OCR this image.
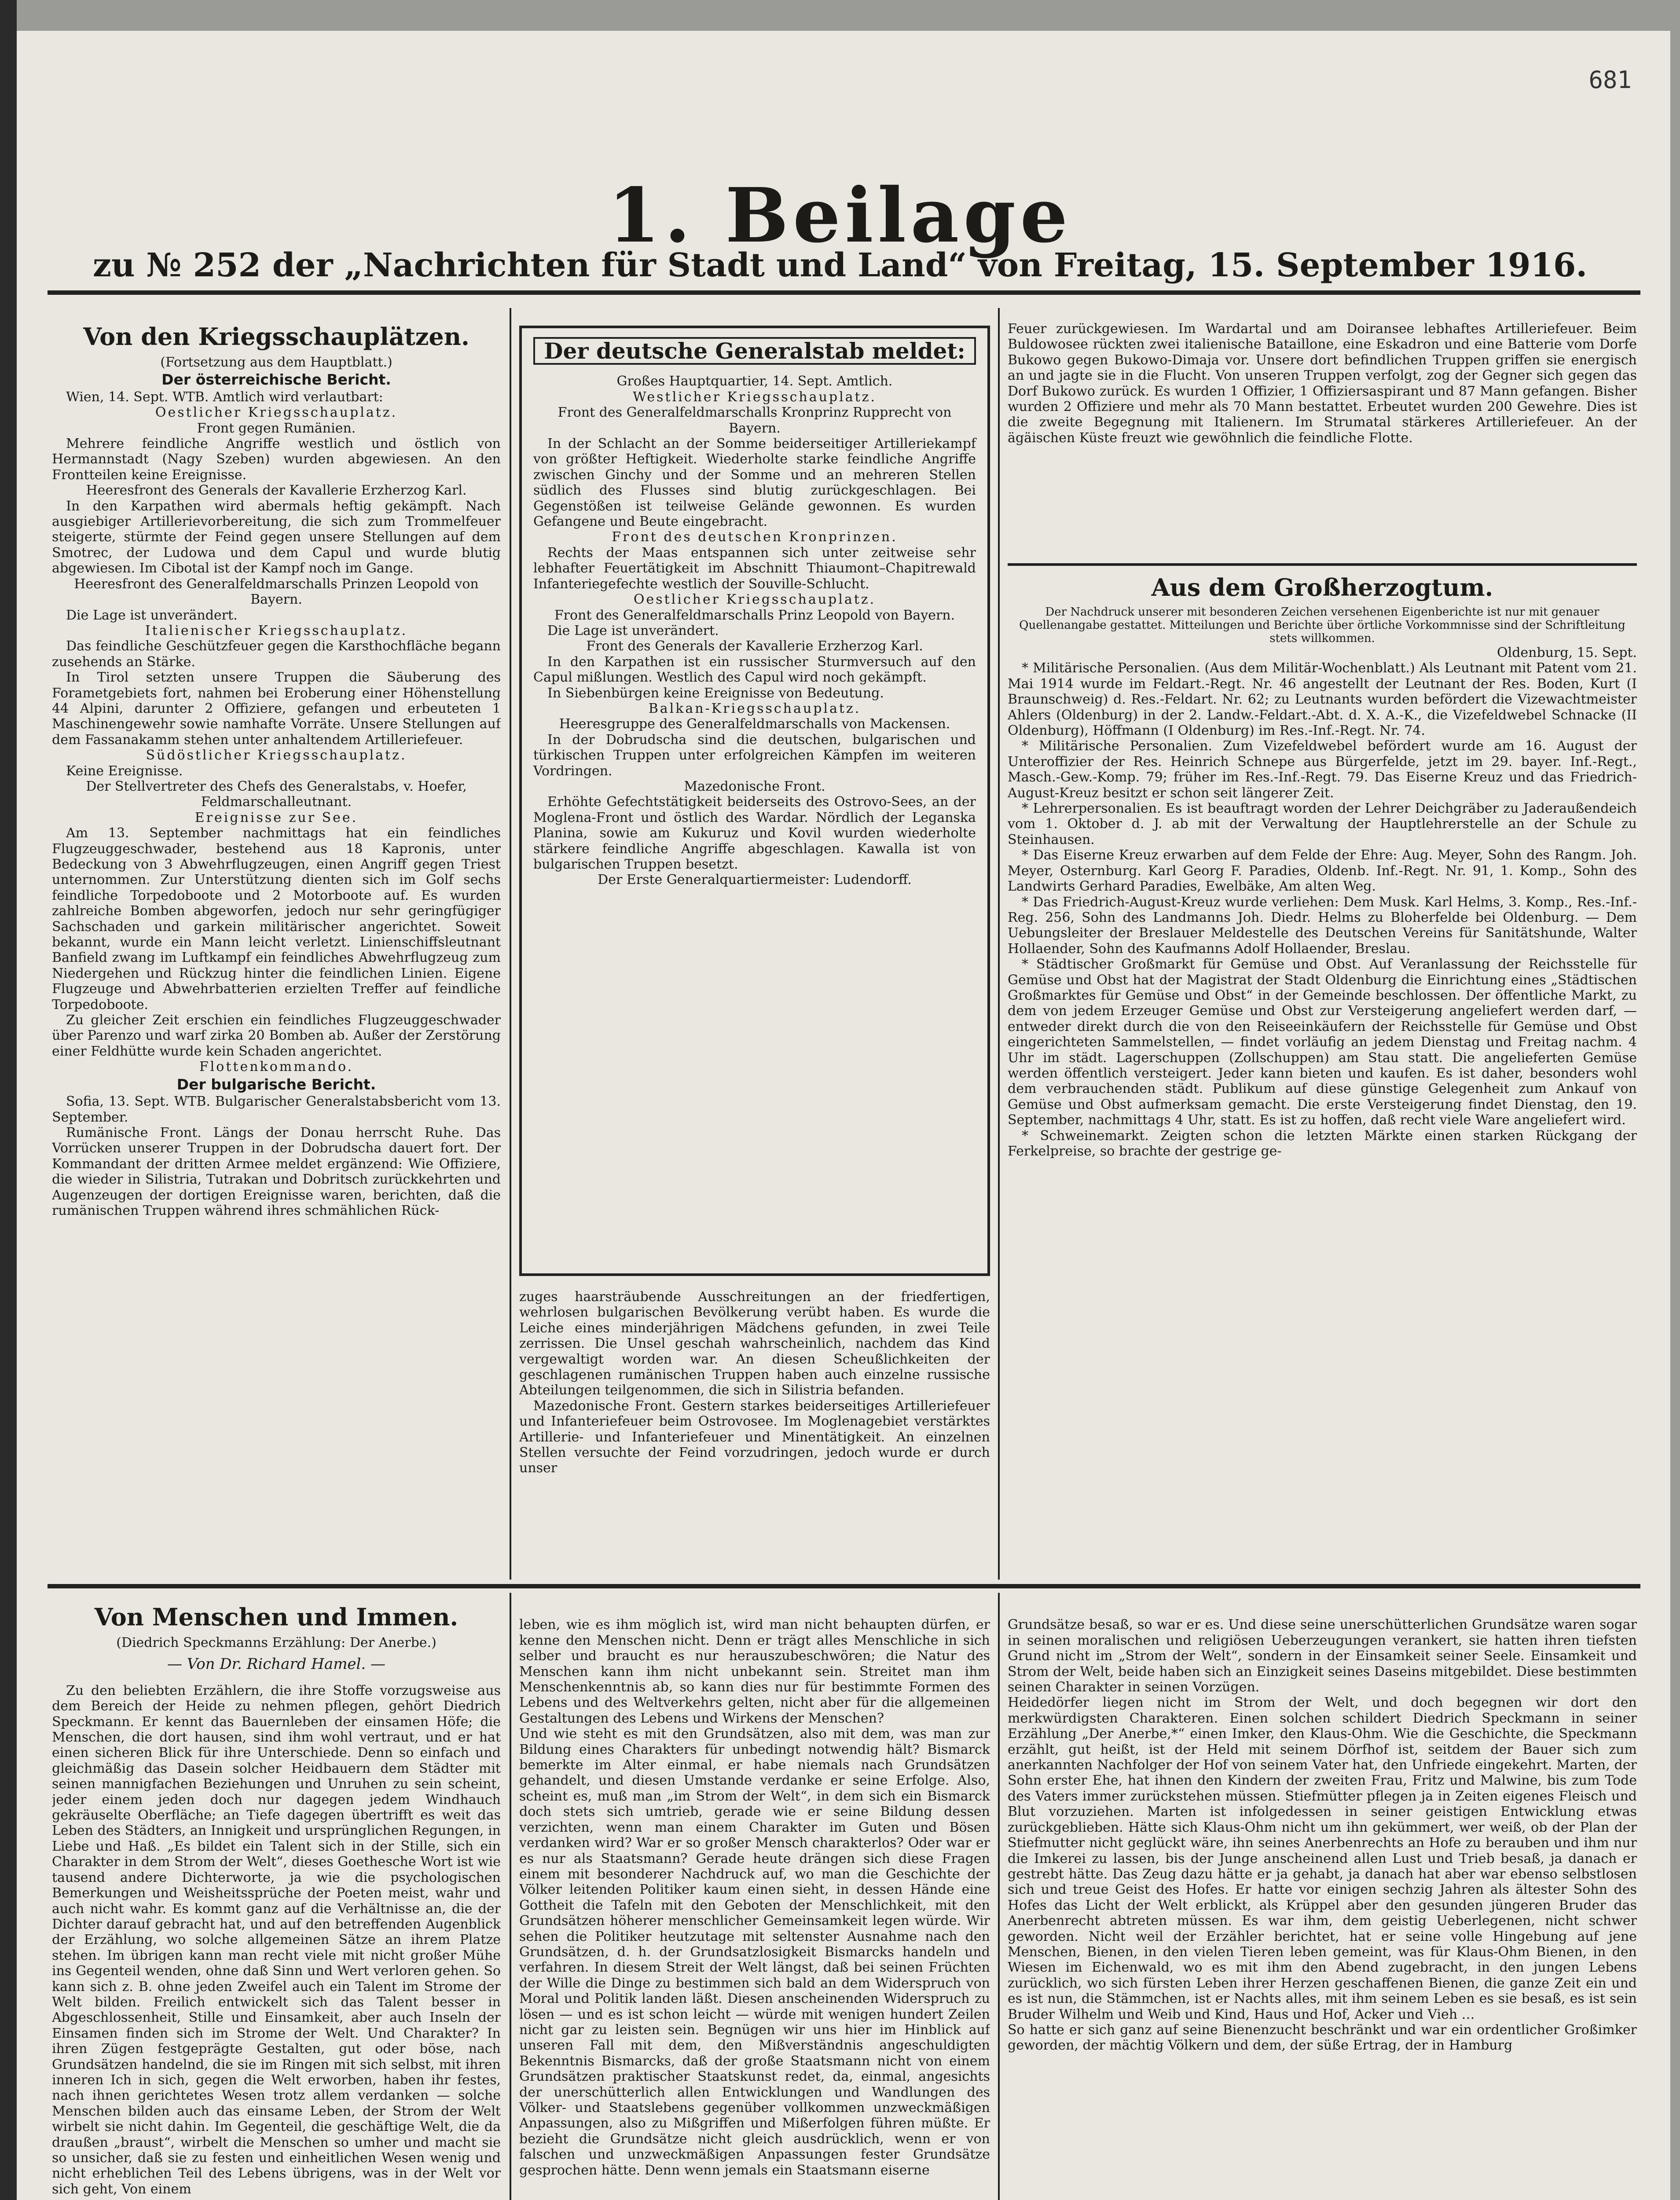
681
1. Beilage
zu № 252 der „Nachrichten für Stadt und Land“ von Freitag, 15. September 1916.
Von den Kriegsschauplätzen.

(Fortsetzung aus dem Hauptblatt.)

Der österreichische Bericht.

Wien, 14. Sept. WTB. Amtlich wird verlautbart:

Oestlicher Kriegsschauplatz.

Front gegen Rumänien.

Mehrere feindliche Angriffe westlich und östlich von Hermannstadt (Nagy Szeben) wurden abgewiesen. An den Frontteilen keine Ereignisse.

Heeresfront des Generals der Kavallerie Erzherzog Karl.

In den Karpathen wird abermals heftig gekämpft. Nach ausgiebiger Artillerievorbereitung, die sich zum Trommelfeuer steigerte, stürmte der Feind gegen unsere Stellungen auf dem Smotrec, der Ludowa und dem Capul und wurde blutig abgewiesen. Im Cibotal ist der Kampf noch im Gange.

Heeresfront des Generalfeldmarschalls Prinzen Leopold von Bayern.

Die Lage ist unverändert.

Italienischer Kriegsschauplatz.

Das feindliche Geschützfeuer gegen die Karsthochfläche begann zusehends an Stärke.

In Tirol setzten unsere Truppen die Säuberung des Forametgebiets fort, nahmen bei Eroberung einer Höhenstellung 44 Alpini, darunter 2 Offiziere, gefangen und erbeuteten 1 Maschinengewehr sowie namhafte Vorräte. Unsere Stellungen auf dem Fassanakamm stehen unter anhaltendem Artilleriefeuer.

Südöstlicher Kriegsschauplatz.

Keine Ereignisse.

Der Stellvertreter des Chefs des Generalstabs, v. Hoefer, Feldmarschalleutnant.

Ereignisse zur See.

Am 13. September nachmittags hat ein feindliches Flugzeuggeschwader, bestehend aus 18 Kapronis, unter Bedeckung von 3 Abwehrflugzeugen, einen Angriff gegen Triest unternommen. Zur Unterstützung dienten sich im Golf sechs feindliche Torpedoboote und 2 Motorboote auf. Es wurden zahlreiche Bomben abgeworfen, jedoch nur sehr geringfügiger Sachschaden und garkein militärischer angerichtet. Soweit bekannt, wurde ein Mann leicht verletzt. Linienschiffsleutnant Banfield zwang im Luftkampf ein feindliches Abwehrflugzeug zum Niedergehen und Rückzug hinter die feindlichen Linien. Eigene Flugzeuge und Abwehrbatterien erzielten Treffer auf feindliche Torpedoboote.

Zu gleicher Zeit erschien ein feindliches Flugzeuggeschwader über Parenzo und warf zirka 20 Bomben ab. Außer der Zerstörung einer Feldhütte wurde kein Schaden angerichtet.

Flottenkommando.

Der bulgarische Bericht.

Sofia, 13. Sept. WTB. Bulgarischer Generalstabsbericht vom 13. September.

Rumänische Front. Längs der Donau herrscht Ruhe. Das Vorrücken unserer Truppen in der Dobrudscha dauert fort. Der Kommandant der dritten Armee meldet ergänzend: Wie Offiziere, die wieder in Silistria, Tutrakan und Dobritsch zurückkehrten und Augenzeugen der dortigen Ereignisse waren, berichten, daß die rumänischen Truppen während ihres schmählichen Rück-

Der deutsche Generalstab meldet:

Großes Hauptquartier, 14. Sept. Amtlich.

Westlicher Kriegsschauplatz.

Front des Generalfeldmarschalls Kronprinz Rupprecht von Bayern.

In der Schlacht an der Somme beiderseitiger Artilleriekampf von größter Heftigkeit. Wiederholte starke feindliche Angriffe zwischen Ginchy und der Somme und an mehreren Stellen südlich des Flusses sind blutig zurückgeschlagen. Bei Gegenstößen ist teilweise Gelände gewonnen. Es wurden Gefangene und Beute eingebracht.

Front des deutschen Kronprinzen.

Rechts der Maas entspannen sich unter zeitweise sehr lebhafter Feuertätigkeit im Abschnitt Thiaumont–Chapitrewald Infanteriegefechte westlich der Souville-Schlucht.

Oestlicher Kriegsschauplatz.

Front des Generalfeldmarschalls Prinz Leopold von Bayern.

Die Lage ist unverändert.

Front des Generals der Kavallerie Erzherzog Karl.

In den Karpathen ist ein russischer Sturmversuch auf den Capul mißlungen. Westlich des Capul wird noch gekämpft.

In Siebenbürgen keine Ereignisse von Bedeutung.

Balkan-Kriegsschauplatz.

Heeresgruppe des Generalfeldmarschalls von Mackensen.

In der Dobrudscha sind die deutschen, bulgarischen und türkischen Truppen unter erfolgreichen Kämpfen im weiteren Vordringen.

Mazedonische Front.

Erhöhte Gefechtstätigkeit beiderseits des Ostrovo-Sees, an der Moglena-Front und östlich des Wardar. Nördlich der Leganska Planina, sowie am Kukuruz und Kovil wurden wiederholte stärkere feindliche Angriffe abgeschlagen. Kawalla ist von bulgarischen Truppen besetzt.

Der Erste Generalquartiermeister: Ludendorff.

zuges haarsträubende Ausschreitungen an der friedfertigen, wehrlosen bulgarischen Bevölkerung verübt haben. Es wurde die Leiche eines minderjährigen Mädchens gefunden, in zwei Teile zerrissen. Die Unsel geschah wahrscheinlich, nachdem das Kind vergewaltigt worden war. An diesen Scheußlichkeiten der geschlagenen rumänischen Truppen haben auch einzelne russische Abteilungen teilgenommen, die sich in Silistria befanden.

Mazedonische Front. Gestern starkes beiderseitiges Artilleriefeuer und Infanteriefeuer beim Ostrovosee. Im Moglenagebiet verstärktes Artillerie- und Infanteriefeuer und Minentätigkeit. An einzelnen Stellen versuchte der Feind vorzudringen, jedoch wurde er durch unser

Feuer zurückgewiesen. Im Wardartal und am Doiransee lebhaftes Artilleriefeuer. Beim Buldowosee rückten zwei italienische Bataillone, eine Eskadron und eine Batterie vom Dorfe Bukowo gegen Bukowo-Dimaja vor. Unsere dort befindlichen Truppen griffen sie energisch an und jagte sie in die Flucht. Von unseren Truppen verfolgt, zog der Gegner sich gegen das Dorf Bukowo zurück. Es wurden 1 Offizier, 1 Offiziersaspirant und 87 Mann gefangen. Bisher wurden 2 Offiziere und mehr als 70 Mann bestattet. Erbeutet wurden 200 Gewehre. Dies ist die zweite Begegnung mit Italienern. Im Strumatal stärkeres Artilleriefeuer. An der ägäischen Küste freuzt wie gewöhnlich die feindliche Flotte.

Aus dem Großherzogtum.

Der Nachdruck unserer mit besonderen Zeichen versehenen Eigenberichte ist nur mit genauer Quellenangabe gestattet. Mitteilungen und Berichte über örtliche Vorkommnisse sind der Schriftleitung stets willkommen.

Oldenburg, 15. Sept.

* Militärische Personalien. (Aus dem Militär-Wochenblatt.) Als Leutnant mit Patent vom 21. Mai 1914 wurde im Feldart.-Regt. Nr. 46 angestellt der Leutnant der Res. Boden, Kurt (I Braunschweig) d. Res.-Feldart. Nr. 62; zu Leutnants wurden befördert die Vizewachtmeister Ahlers (Oldenburg) in der 2. Landw.-Feldart.-Abt. d. X. A.-K., die Vizefeldwebel Schnacke (II Oldenburg), Höffmann (I Oldenburg) im Res.-Inf.-Regt. Nr. 74.

* Militärische Personalien. Zum Vizefeldwebel befördert wurde am 16. August der Unteroffizier der Res. Heinrich Schnepe aus Bürgerfelde, jetzt im 29. bayer. Inf.-Regt., Masch.-Gew.-Komp. 79; früher im Res.-Inf.-Regt. 79. Das Eiserne Kreuz und das Friedrich-August-Kreuz besitzt er schon seit längerer Zeit.

* Lehrerpersonalien. Es ist beauftragt worden der Lehrer Deichgräber zu Jaderaußendeich vom 1. Oktober d. J. ab mit der Verwaltung der Hauptlehrerstelle an der Schule zu Steinhausen.

* Das Eiserne Kreuz erwarben auf dem Felde der Ehre: Aug. Meyer, Sohn des Rangm. Joh. Meyer, Osternburg. Karl Georg F. Paradies, Oldenb. Inf.-Regt. Nr. 91, 1. Komp., Sohn des Landwirts Gerhard Paradies, Ewelbäke, Am alten Weg.

* Das Friedrich-August-Kreuz wurde verliehen: Dem Musk. Karl Helms, 3. Komp., Res.-Inf.-Reg. 256, Sohn des Landmanns Joh. Diedr. Helms zu Bloherfelde bei Oldenburg. — Dem Uebungsleiter der Breslauer Meldestelle des Deutschen Vereins für Sanitätshunde, Walter Hollaender, Sohn des Kaufmanns Adolf Hollaender, Breslau.

* Städtischer Großmarkt für Gemüse und Obst. Auf Veranlassung der Reichsstelle für Gemüse und Obst hat der Magistrat der Stadt Oldenburg die Einrichtung eines „Städtischen Großmarktes für Gemüse und Obst“ in der Gemeinde beschlossen. Der öffentliche Markt, zu dem von jedem Erzeuger Gemüse und Obst zur Versteigerung angeliefert werden darf, — entweder direkt durch die von den Reiseeinkäufern der Reichsstelle für Gemüse und Obst eingerichteten Sammelstellen, — findet vorläufig an jedem Dienstag und Freitag nachm. 4 Uhr im städt. Lagerschuppen (Zollschuppen) am Stau statt. Die angelieferten Gemüse werden öffentlich versteigert. Jeder kann bieten und kaufen. Es ist daher, besonders wohl dem verbrauchenden städt. Publikum auf diese günstige Gelegenheit zum Ankauf von Gemüse und Obst aufmerksam gemacht. Die erste Versteigerung findet Dienstag, den 19. September, nachmittags 4 Uhr, statt. Es ist zu hoffen, daß recht viele Ware angeliefert wird.

* Schweinemarkt. Zeigten schon die letzten Märkte einen starken Rückgang der Ferkelpreise, so brachte der gestrige ge-

Von Menschen und Immen.

(Diedrich Speckmanns Erzählung: Der Anerbe.)

— Von Dr. Richard Hamel. —

Zu den beliebten Erzählern, die ihre Stoffe vorzugsweise aus dem Bereich der Heide zu nehmen pflegen, gehört Diedrich Speckmann. Er kennt das Bauernleben der einsamen Höfe; die Menschen, die dort hausen, sind ihm wohl vertraut, und er hat einen sicheren Blick für ihre Unterschiede. Denn so einfach und gleichmäßig das Dasein solcher Heidbauern dem Städter mit seinen mannigfachen Beziehungen und Unruhen zu sein scheint, jeder einem jeden doch nur dagegen jedem Windhauch gekräuselte Oberfläche; an Tiefe dagegen übertrifft es weit das Leben des Städters, an Innigkeit und ursprünglichen Regungen, in Liebe und Haß. „Es bildet ein Talent sich in der Stille, sich ein Charakter in dem Strom der Welt“, dieses Goethesche Wort ist wie tausend andere Dichterworte, ja wie die psychologischen Bemerkungen und Weisheitssprüche der Poeten meist, wahr und auch nicht wahr. Es kommt ganz auf die Verhältnisse an, die der Dichter darauf gebracht hat, und auf den betreffenden Augenblick der Erzählung, wo solche allgemeinen Sätze an ihrem Platze stehen. Im übrigen kann man recht viele mit nicht großer Mühe ins Gegenteil wenden, ohne daß Sinn und Wert verloren gehen. So kann sich z. B. ohne jeden Zweifel auch ein Talent im Strome der Welt bilden. Freilich entwickelt sich das Talent besser in Abgeschlossenheit, Stille und Einsamkeit, aber auch Inseln der Einsamen finden sich im Strome der Welt. Und Charakter? In ihren Zügen festgeprägte Gestalten, gut oder böse, nach Grundsätzen handelnd, die sie im Ringen mit sich selbst, mit ihren inneren Ich in sich, gegen die Welt erworben, haben ihr festes, nach ihnen gerichtetes Wesen trotz allem verdanken — solche Menschen bilden auch das einsame Leben, der Strom der Welt wirbelt sie nicht dahin. Im Gegenteil, die geschäftige Welt, die da draußen „braust“, wirbelt die Menschen so umher und macht sie so unsicher, daß sie zu festen und einheitlichen Wesen wenig und nicht erheblichen Teil des Lebens übrigens, was in der Welt vor sich geht, Von einem

leben, wie es ihm möglich ist, wird man nicht behaupten dürfen, er kenne den Menschen nicht. Denn er trägt alles Menschliche in sich selber und braucht es nur herauszubeschwören; die Natur des Menschen kann ihm nicht unbekannt sein. Streitet man ihm Menschenkenntnis ab, so kann dies nur für bestimmte Formen des Lebens und des Weltverkehrs gelten, nicht aber für die allgemeinen Gestaltungen des Lebens und Wirkens der Menschen?
Und wie steht es mit den Grundsätzen, also mit dem, was man zur Bildung eines Charakters für unbedingt notwendig hält? Bismarck bemerkte im Alter einmal, er habe niemals nach Grundsätzen gehandelt, und diesen Umstande verdanke er seine Erfolge. Also, scheint es, muß man „im Strom der Welt“, in dem sich ein Bismarck doch stets sich umtrieb, gerade wie er seine Bildung dessen verzichten, wenn man einem Charakter im Guten und Bösen verdanken wird? War er so großer Mensch charakterlos? Oder war er es nur als Staatsmann? Gerade heute drängen sich diese Fragen einem mit besonderer Nachdruck auf, wo man die Geschichte der Völker leitenden Politiker kaum einen sieht, in dessen Hände eine Gottheit die Tafeln mit den Geboten der Menschlichkeit, mit den Grundsätzen höherer menschlicher Gemeinsamkeit legen würde. Wir sehen die Politiker heutzutage mit seltenster Ausnahme nach den Grundsätzen, d. h. der Grundsatzlosigkeit Bismarcks handeln und verfahren. In diesem Streit der Welt längst, daß bei seinen Früchten der Wille die Dinge zu bestimmen sich bald an dem Widerspruch von Moral und Politik landen läßt. Diesen anscheinenden Widerspruch zu lösen — und es ist schon leicht — würde mit wenigen hundert Zeilen nicht gar zu leisten sein. Begnügen wir uns hier im Hinblick auf unseren Fall mit dem, den Mißverständnis angeschuldigten Bekenntnis Bismarcks, daß der große Staatsmann nicht von einem Grundsätzen praktischer Staatskunst redet, da, einmal, angesichts der unerschütterlich allen Entwicklungen und Wandlungen des Völker- und Staatslebens gegenüber vollkommen unzweckmäßigen Anpassungen, also zu Mißgriffen und Mißerfolgen führen müßte. Er bezieht die Grundsätze nicht gleich ausdrücklich, wenn er von falschen und unzweckmäßigen Anpassungen fester Grundsätze gesprochen hätte. Denn wenn jemals ein Staatsmann eiserne

Grundsätze besaß, so war er es. Und diese seine unerschütterlichen Grundsätze waren sogar in seinen moralischen und religiösen Ueberzeugungen verankert, sie hatten ihren tiefsten Grund nicht im „Strom der Welt“, sondern in der Einsamkeit seiner Seele. Einsamkeit und Strom der Welt, beide haben sich an Einzigkeit seines Daseins mitgebildet. Diese bestimmten seinen Charakter in seinen Vorzügen.
Heidedörfer liegen nicht im Strom der Welt, und doch begegnen wir dort den merkwürdigsten Charakteren. Einen solchen schildert Diedrich Speckmann in seiner Erzählung „Der Anerbe,*“ einen Imker, den Klaus-Ohm. Wie die Geschichte, die Speckmann erzählt, gut heißt, ist der Held mit seinem Dörfhof ist, seitdem der Bauer sich zum anerkannten Nachfolger der Hof von seinem Vater hat, den Unfriede eingekehrt. Marten, der Sohn erster Ehe, hat ihnen den Kindern der zweiten Frau, Fritz und Malwine, bis zum Tode des Vaters immer zurückstehen müssen. Stiefmütter pflegen ja in Zeiten eigenes Fleisch und Blut vorzuziehen. Marten ist infolgedessen in seiner geistigen Entwicklung etwas zurückgeblieben. Hätte sich Klaus-Ohm nicht um ihn gekümmert, wer weiß, ob der Plan der Stiefmutter nicht geglückt wäre, ihn seines Anerbenrechts an Hofe zu berauben und ihm nur die Imkerei zu lassen, bis der Junge anscheinend allen Lust und Trieb besaß, ja danach er gestrebt hätte. Das Zeug dazu hätte er ja gehabt, ja danach hat aber war ebenso selbstlosen sich und treue Geist des Hofes. Er hatte vor einigen sechzig Jahren als ältester Sohn des Hofes das Licht der Welt erblickt, als Krüppel aber den gesunden jüngeren Bruder das Anerbenrecht abtreten müssen. Es war ihm, dem geistig Ueberlegenen, nicht schwer geworden. Nicht weil der Erzähler berichtet, hat er seine volle Hingebung auf jene Menschen, Bienen, in den vielen Tieren leben gemeint, was für Klaus-Ohm Bienen, in den Wiesen im Eichenwald, wo es mit ihm den Abend zugebracht, in den jungen Lebens zurücklich, wo sich fürsten Leben ihrer Herzen geschaffenen Bienen, die ganze Zeit ein und es ist nun, die Stämmchen, ist er Nachts alles, mit ihm seinem Leben es sie besaß, es ist sein Bruder Wilhelm und Weib und Kind, Haus und Hof, Acker und Vieh …
So hatte er sich ganz auf seine Bienenzucht beschränkt und war ein ordentlicher Großimker geworden, der mächtig Völkern und dem, der süße Ertrag, der in Hamburg
